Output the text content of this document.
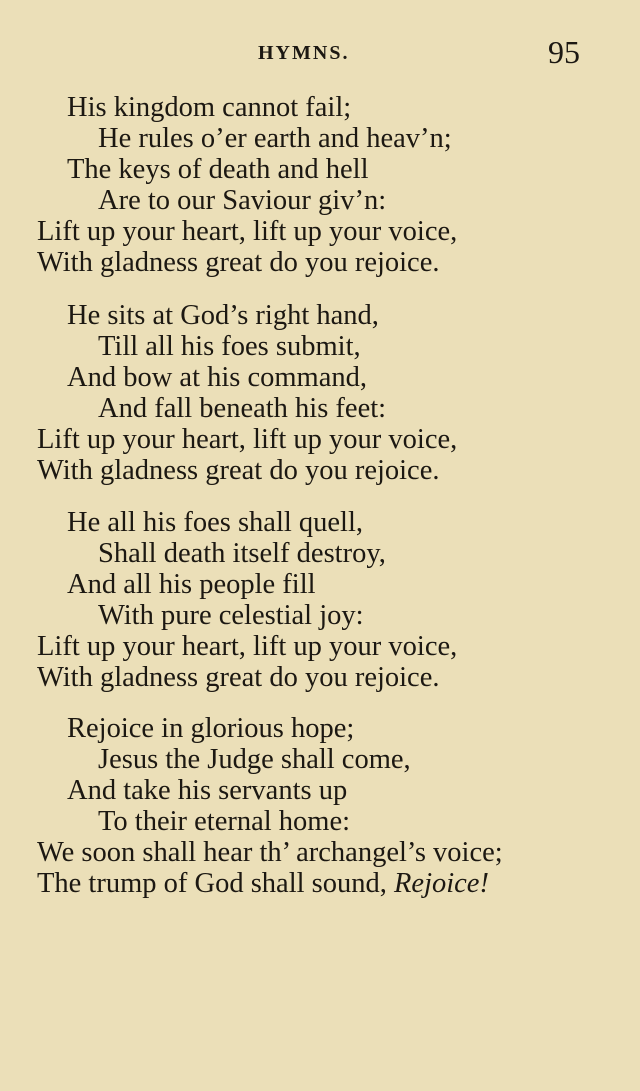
HYMNS.	95
His kingdom cannot fail;
He rules o’er earth and heav’n;
The keys of death and hell
Are to our Saviour giv’n:
Lift up your heart, lift up your voice,
With gladness great do you rejoice.
He sits at God’s right hand,
Till all his foes submit,
And bow at his command,
And fall beneath his feet:
Lift up your heart, lift up your voice,
With gladness great do you rejoice.
He all his foes shall quell,
Shall death itself destroy,
And all his people fill
With pure celestial joy:
Lift up your heart, lift up your voice,
With gladness great do you rejoice.
Rejoice in glorious hope;
Jesus the Judge shall come,
And take his servants up
To their eternal home:
We soon shall hear th’ archangel’s voice;
The trump of God shall sound, Rejoice!
